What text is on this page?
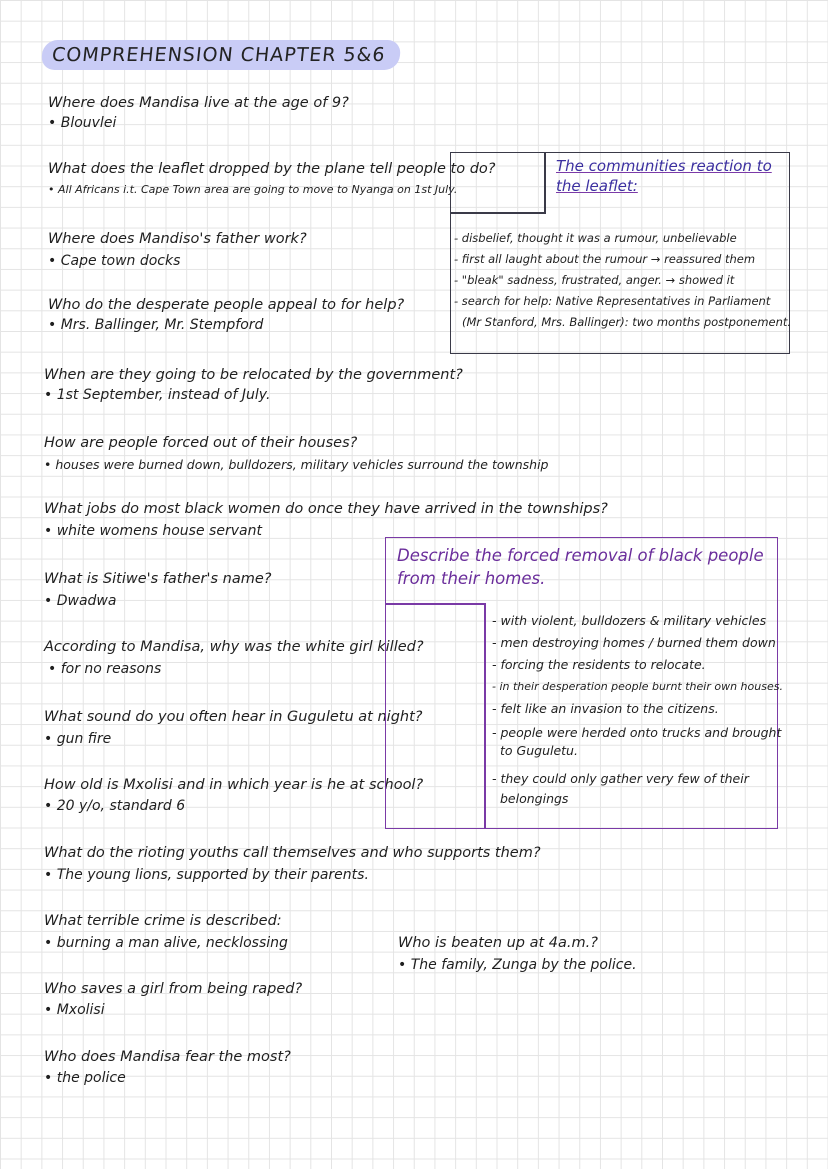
COMPREHENSION CHAPTER 5&6
Where does Mandisa live at the age of 9?
• Blouvlei
What does the leaflet dropped by the plane tell people to do?
• All Africans i.t. Cape Town area are going to move to Nyanga on 1st July.
Where does Mandiso's father work?
• Cape town docks
Who do the desperate people appeal to for help?
• Mrs. Ballinger, Mr. Stempford
When are they going to be relocated by the government?
• 1st September, instead of July.
How are people forced out of their houses?
• houses were burned down, bulldozers, military vehicles surround the township
What jobs do most black women do once they have arrived in the townships?
• white womens house servant
What is Sitiwe's father's name?
• Dwadwa
According to Mandisa, why was the white girl killed?
• for no reasons
What sound do you often hear in Guguletu at night?
• gun fire
How old is Mxolisi and in which year is he at school?
• 20 y/o, standard 6
What do the rioting youths call themselves and who supports them?
• The young lions, supported by their parents.
What terrible crime is described:
• burning a man alive, necklossing
Who saves a girl from being raped?
• Mxolisi
Who does Mandisa fear the most?
• the police
Who is beaten up at 4a.m.?
• The family, Zunga by the police.
The communities reaction to the leaflet:
- disbelief, thought it was a rumour, unbelievable
- first all laught about the rumour → reassured them
- "bleak" sadness, frustrated, anger. → showed it
- search for help: Native Representatives in Parliament
(Mr Stanford, Mrs. Ballinger): two months postponement.
Describe the forced removal of black people from their homes.
- with violent, bulldozers & military vehicles
- men destroying homes / burned them down
- forcing the residents to relocate.
- in their desperation people burnt their own houses.
- felt like an invasion to the citizens.
- people were herded onto trucks and brought
to Guguletu.
- they could only gather very few of their
belongings
